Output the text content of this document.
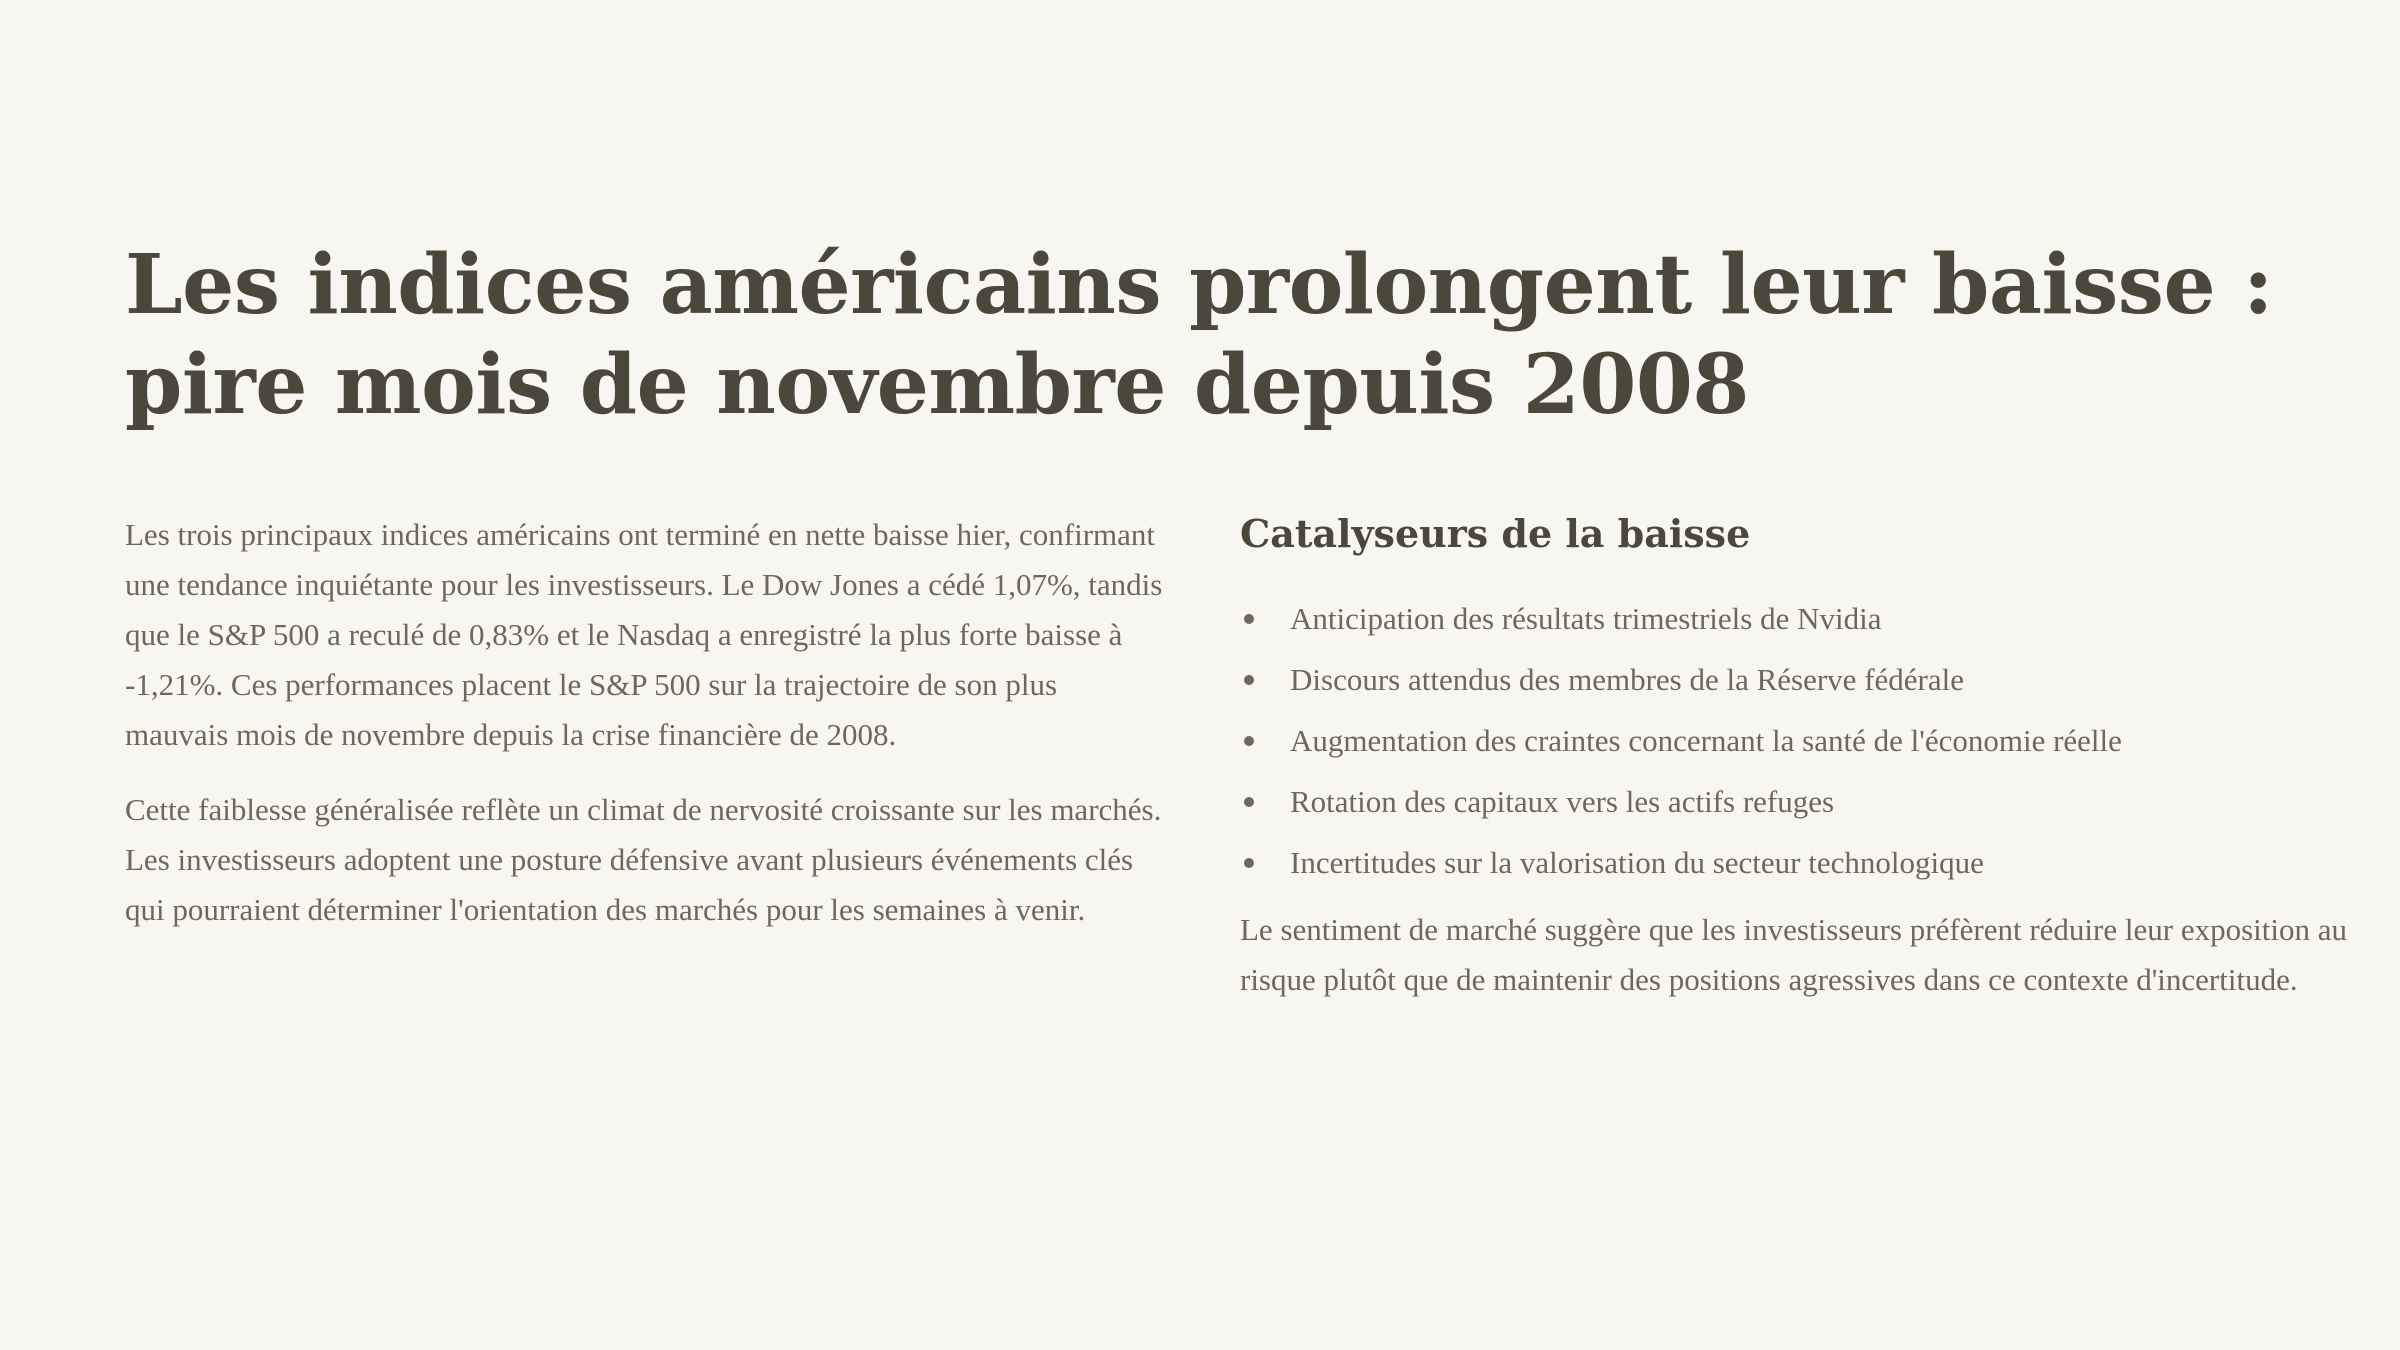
Les indices américains prolongent leur baisse : pire mois de novembre depuis 2008

Les trois principaux indices américains ont terminé en nette baisse hier, confirmant une tendance inquiétante pour les investisseurs. Le Dow Jones a cédé 1,07%, tandis que le S&P 500 a reculé de 0,83% et le Nasdaq a enregistré la plus forte baisse à -1,21%. Ces performances placent le S&P 500 sur la trajectoire de son plus mauvais mois de novembre depuis la crise financière de 2008.

Cette faiblesse généralisée reflète un climat de nervosité croissante sur les marchés. Les investisseurs adoptent une posture défensive avant plusieurs événements clés qui pourraient déterminer l'orientation des marchés pour les semaines à venir.

Catalyseurs de la baisse
Anticipation des résultats trimestriels de Nvidia
Discours attendus des membres de la Réserve fédérale
Augmentation des craintes concernant la santé de l'économie réelle
Rotation des capitaux vers les actifs refuges
Incertitudes sur la valorisation du secteur technologique

Le sentiment de marché suggère que les investisseurs préfèrent réduire leur exposition au risque plutôt que de maintenir des positions agressives dans ce contexte d'incertitude.
